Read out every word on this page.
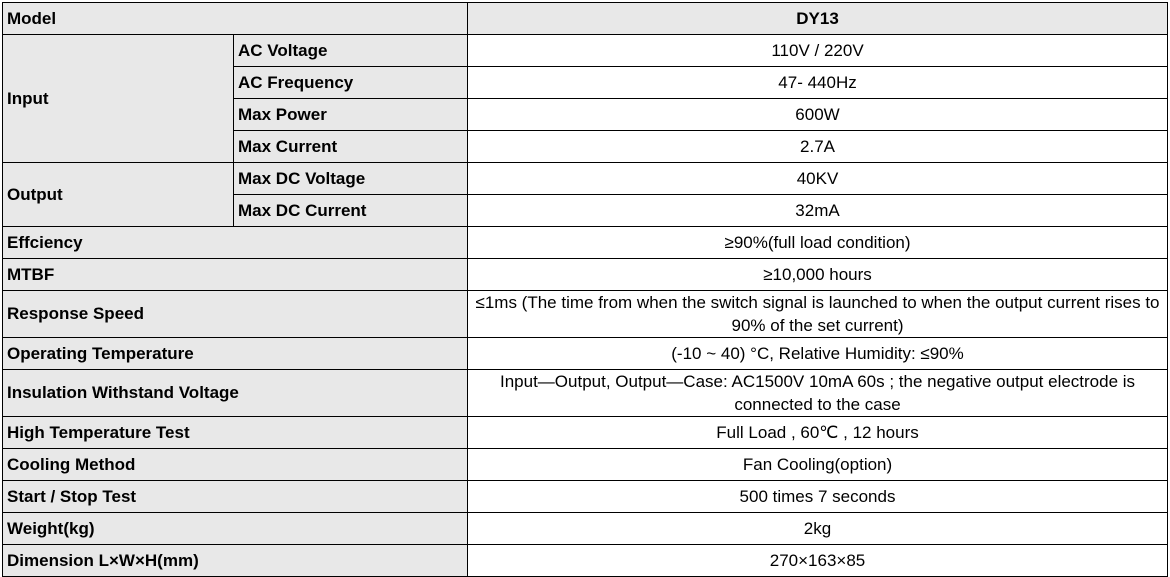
Model		DY13
Input	AC Voltage	110V / 220V
	AC Frequency	47- 440Hz
	Max Power	600W
	Max Current	2.7A
Output	Max DC Voltage	40KV
	Max DC Current	32mA
Effciency		≥90%(full load condition)
MTBF		≥10,000 hours
Response Speed		≤1ms (The time from when the switch signal is launched to when the output current rises to 90% of the set current)
Operating Temperature		(-10 ~ 40) °C, Relative Humidity: ≤90%
Insulation Withstand Voltage		Input—Output, Output—Case: AC1500V 10mA 60s ; the negative output electrode is connected to the case
High Temperature Test		Full Load , 60℃ , 12 hours
Cooling Method		Fan Cooling(option)
Start / Stop Test		500 times 7 seconds
Weight(kg)		2kg
Dimension L×W×H(mm)		270×163×85
